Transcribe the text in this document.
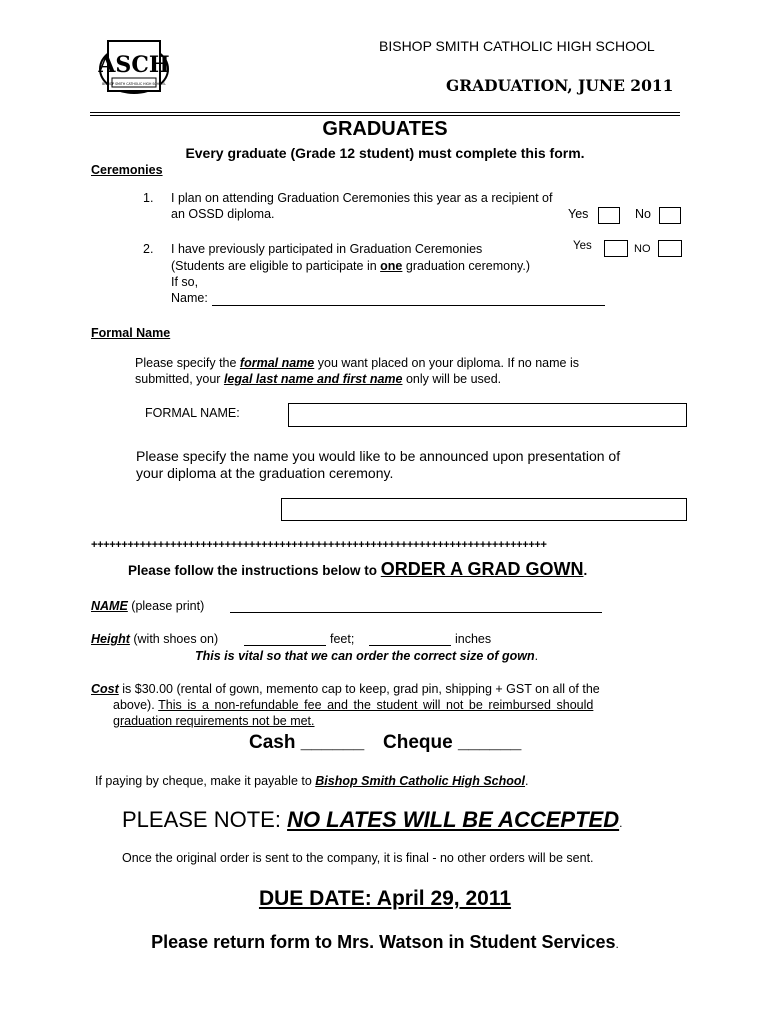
ASCH
BISHOP SMITH CATHOLIC HIGH SCHOOL
BISHOP SMITH CATHOLIC HIGH SCHOOL
GRADUATION, JUNE 2011
GRADUATES
Every graduate (Grade 12 student) must complete this form.
Ceremonies
1. I plan on attending Graduation Ceremonies this year as a recipient of
an OSSD diploma.	Yes	No
2. I have previously participated in Graduation Ceremonies	Yes	NO
(Students are eligible to participate in one graduation ceremony.)
If so,
Name:
Formal Name
Please specify the formal name you want placed on your diploma. If no name is
submitted, your legal last name and first name only will be used.
FORMAL NAME:
Please specify the name you would like to be announced upon presentation of
your diploma at the graduation ceremony.
+++++++++++++++++++++++++++++++++++++++++++++++++++++++++++++++++++++++++++
Please follow the instructions below to ORDER A GRAD GOWN.
NAME (please print)
Height (with shoes on)	feet;	inches
This is vital so that we can order the correct size of gown.
Cost is $30.00 (rental of gown, memento cap to keep, grad pin, shipping + GST on all of the
above). This is a non-refundable fee and the student will not be reimbursed should
graduation requirements not be met.
Cash ______ Cheque ______
If paying by cheque, make it payable to Bishop Smith Catholic High School.
PLEASE NOTE: NO LATES WILL BE ACCEPTED.
Once the original order is sent to the company, it is final - no other orders will be sent.
DUE DATE: April 29, 2011
Please return form to Mrs. Watson in Student Services.
